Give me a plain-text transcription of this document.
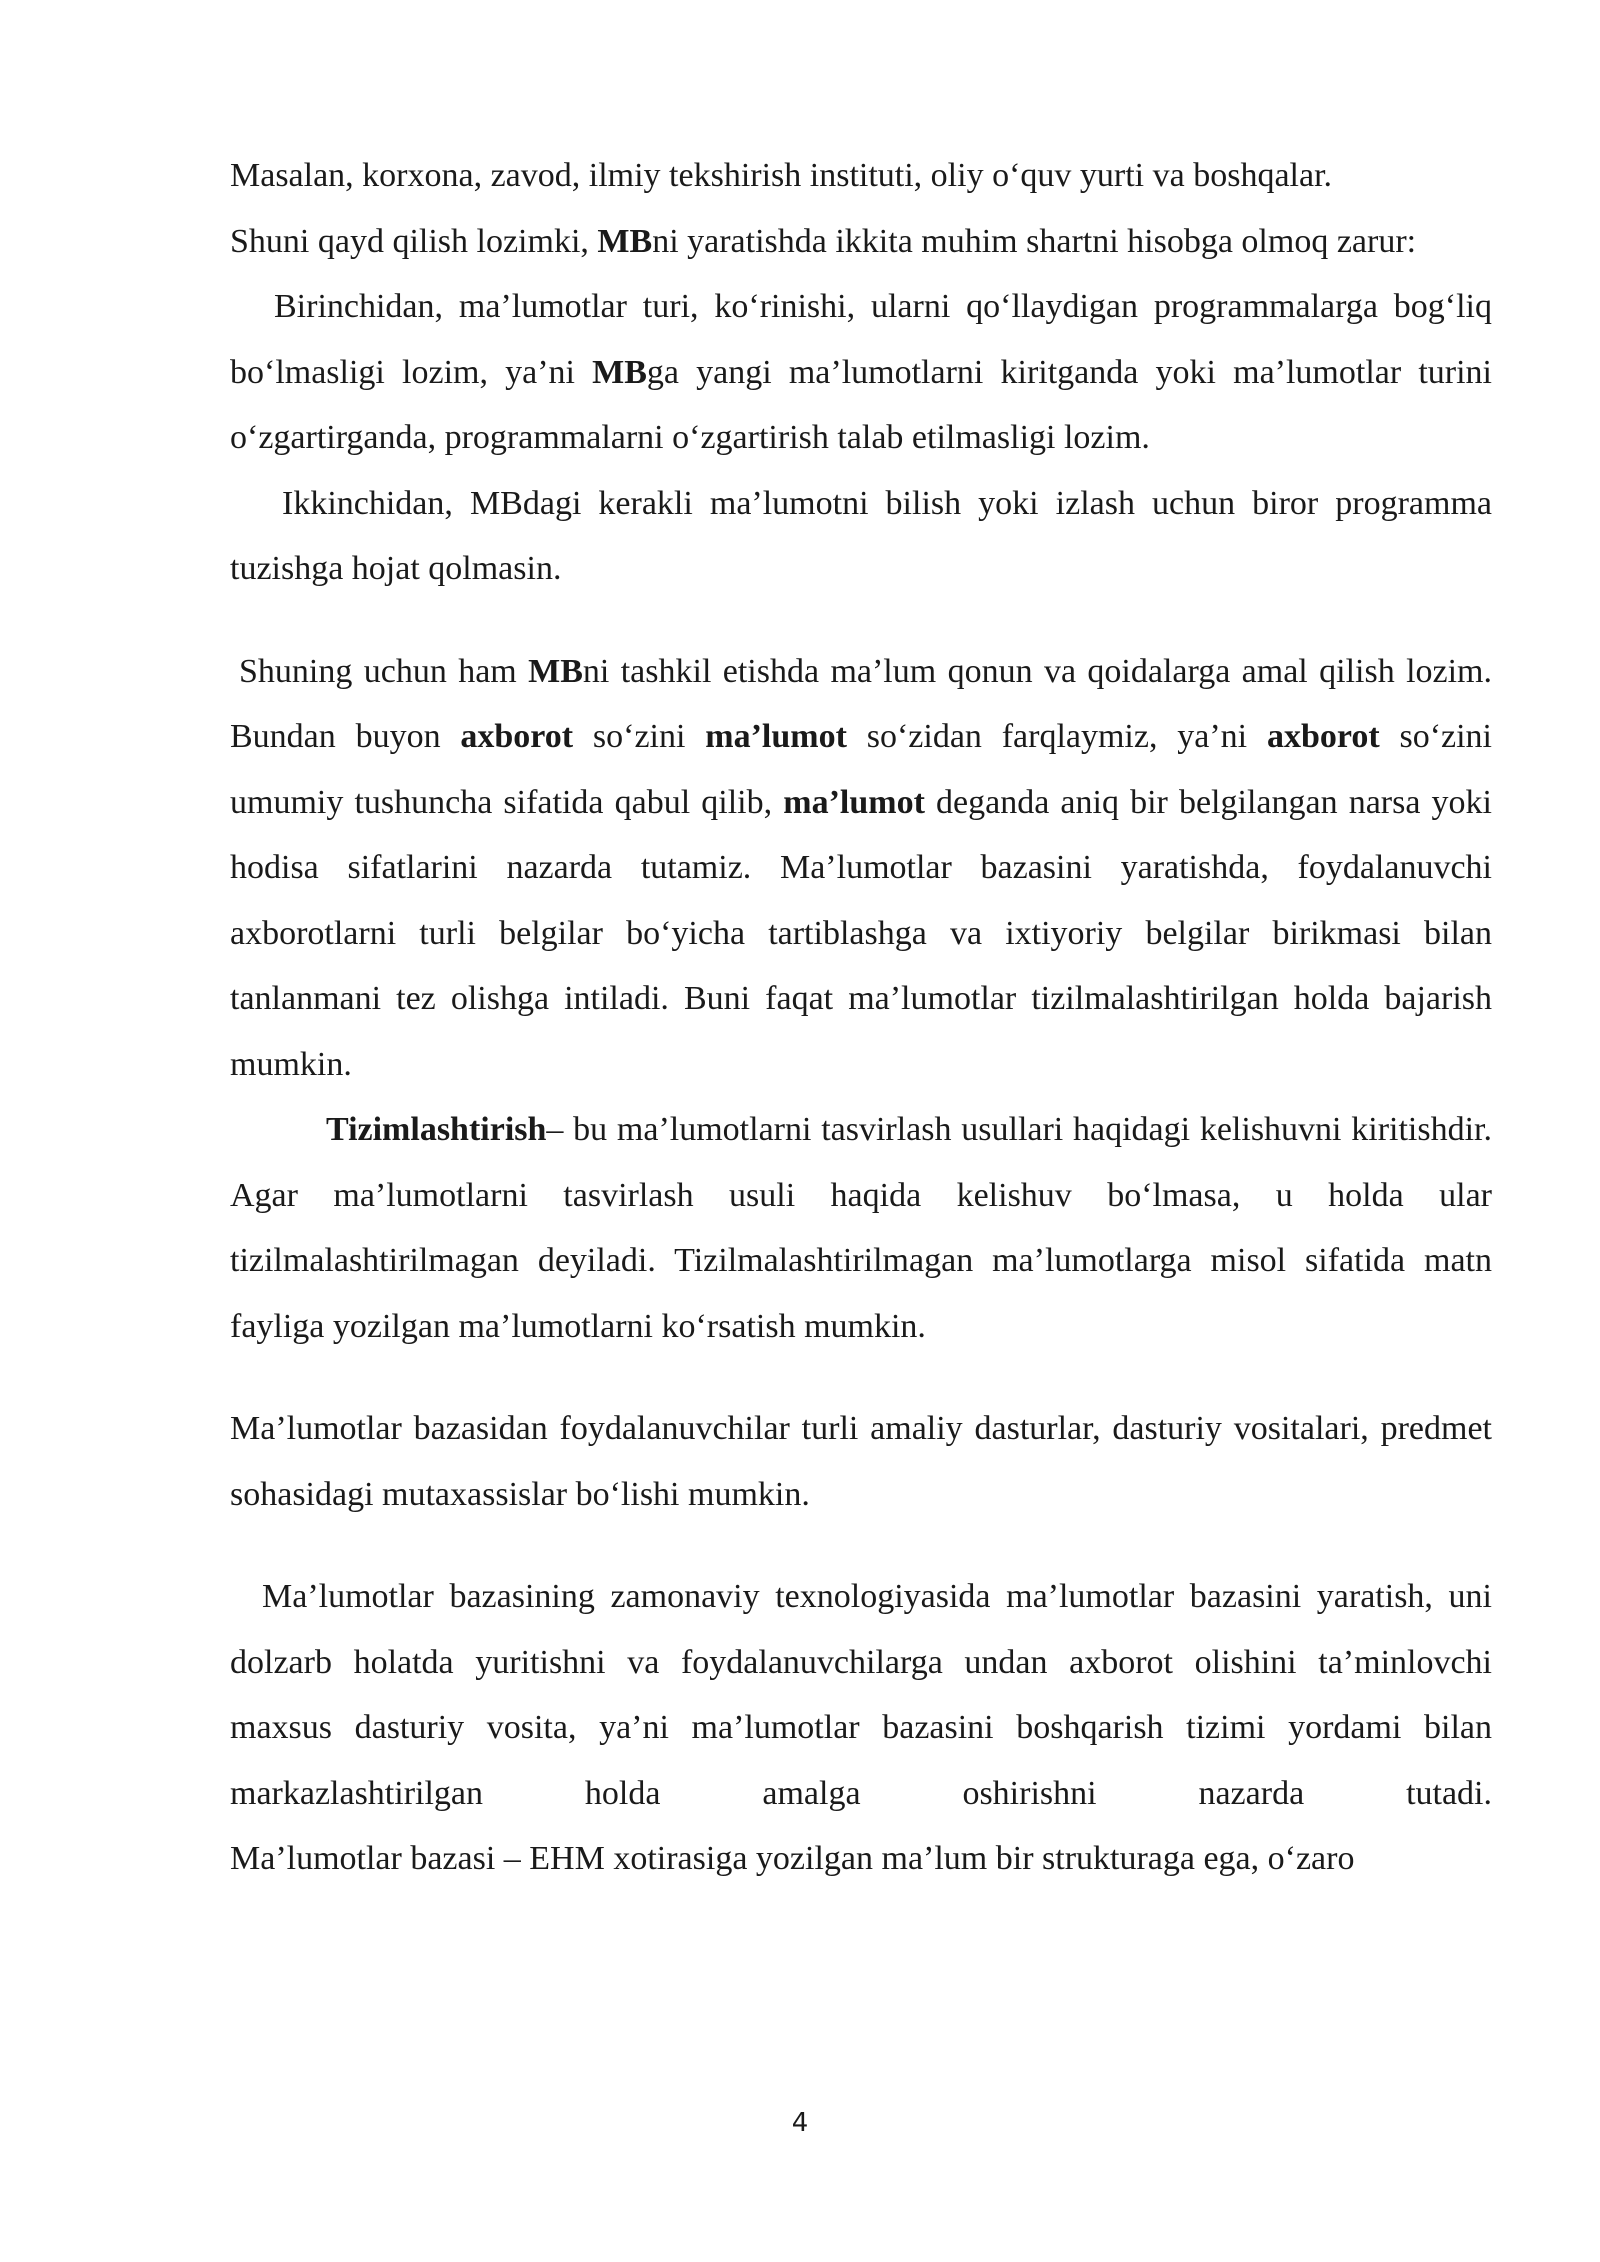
Masalan, korxona, zavod, ilmiy tekshirish instituti, oliy o‘quv yurti va boshqalar.

Shuni qayd qilish lozimki, MBni yaratishda ikkita muhim shartni hisobga olmoq zarur:

Birinchidan, ma’lumotlar turi, ko‘rinishi, ularni qo‘llaydigan programmalarga bog‘liq bo‘lmasligi lozim, ya’ni MBga yangi ma’lumotlarni kiritganda yoki ma’lumotlar turini o‘zgartirganda, programmalarni o‘zgartirish talab etilmasligi lozim.

Ikkinchidan, MBdagi kerakli ma’lumotni bilish yoki izlash uchun biror programma tuzishga hojat qolmasin.

Shuning uchun ham MBni tashkil etishda ma’lum qonun va qoidalarga amal qilish lozim. Bundan buyon axborot so‘zini ma’lumot so‘zidan farqlaymiz, ya’ni axborot so‘zini umumiy tushuncha sifatida qabul qilib, ma’lumot deganda aniq bir belgilangan narsa yoki hodisa sifatlarini nazarda tutamiz. Ma’lumotlar bazasini yaratishda, foydalanuvchi axborotlarni turli belgilar bo‘yicha tartiblashga va ixtiyoriy belgilar birikmasi bilan tanlanmani tez olishga intiladi. Buni faqat ma’lumotlar tizilmalashtirilgan holda bajarish mumkin.

Tizimlashtirish– bu ma’lumotlarni tasvirlash usullari haqidagi kelishuvni kiritishdir. Agar ma’lumotlarni tasvirlash usuli haqida kelishuv bo‘lmasa, u holda ular tizilmalashtirilmagan deyiladi. Tizilmalashtirilmagan ma’lumotlarga misol sifatida matn fayliga yozilgan ma’lumotlarni ko‘rsatish mumkin.

Ma’lumotlar bazasidan foydalanuvchilar turli amaliy dasturlar, dasturiy vositalari, predmet sohasidagi mutaxassislar bo‘lishi mumkin.

Ma’lumotlar bazasining zamonaviy texnologiyasida ma’lumotlar bazasini yaratish, uni dolzarb holatda yuritishni va foydalanuvchilarga undan axborot olishini ta’minlovchi maxsus dasturiy vosita, ya’ni ma’lumotlar bazasini boshqarish tizimi yordami bilan markazlashtirilgan holda amalga oshirishni nazarda tutadi.

Ma’lumotlar bazasi – EHM xotirasiga yozilgan ma’lum bir strukturaga ega, o‘zaro

4
